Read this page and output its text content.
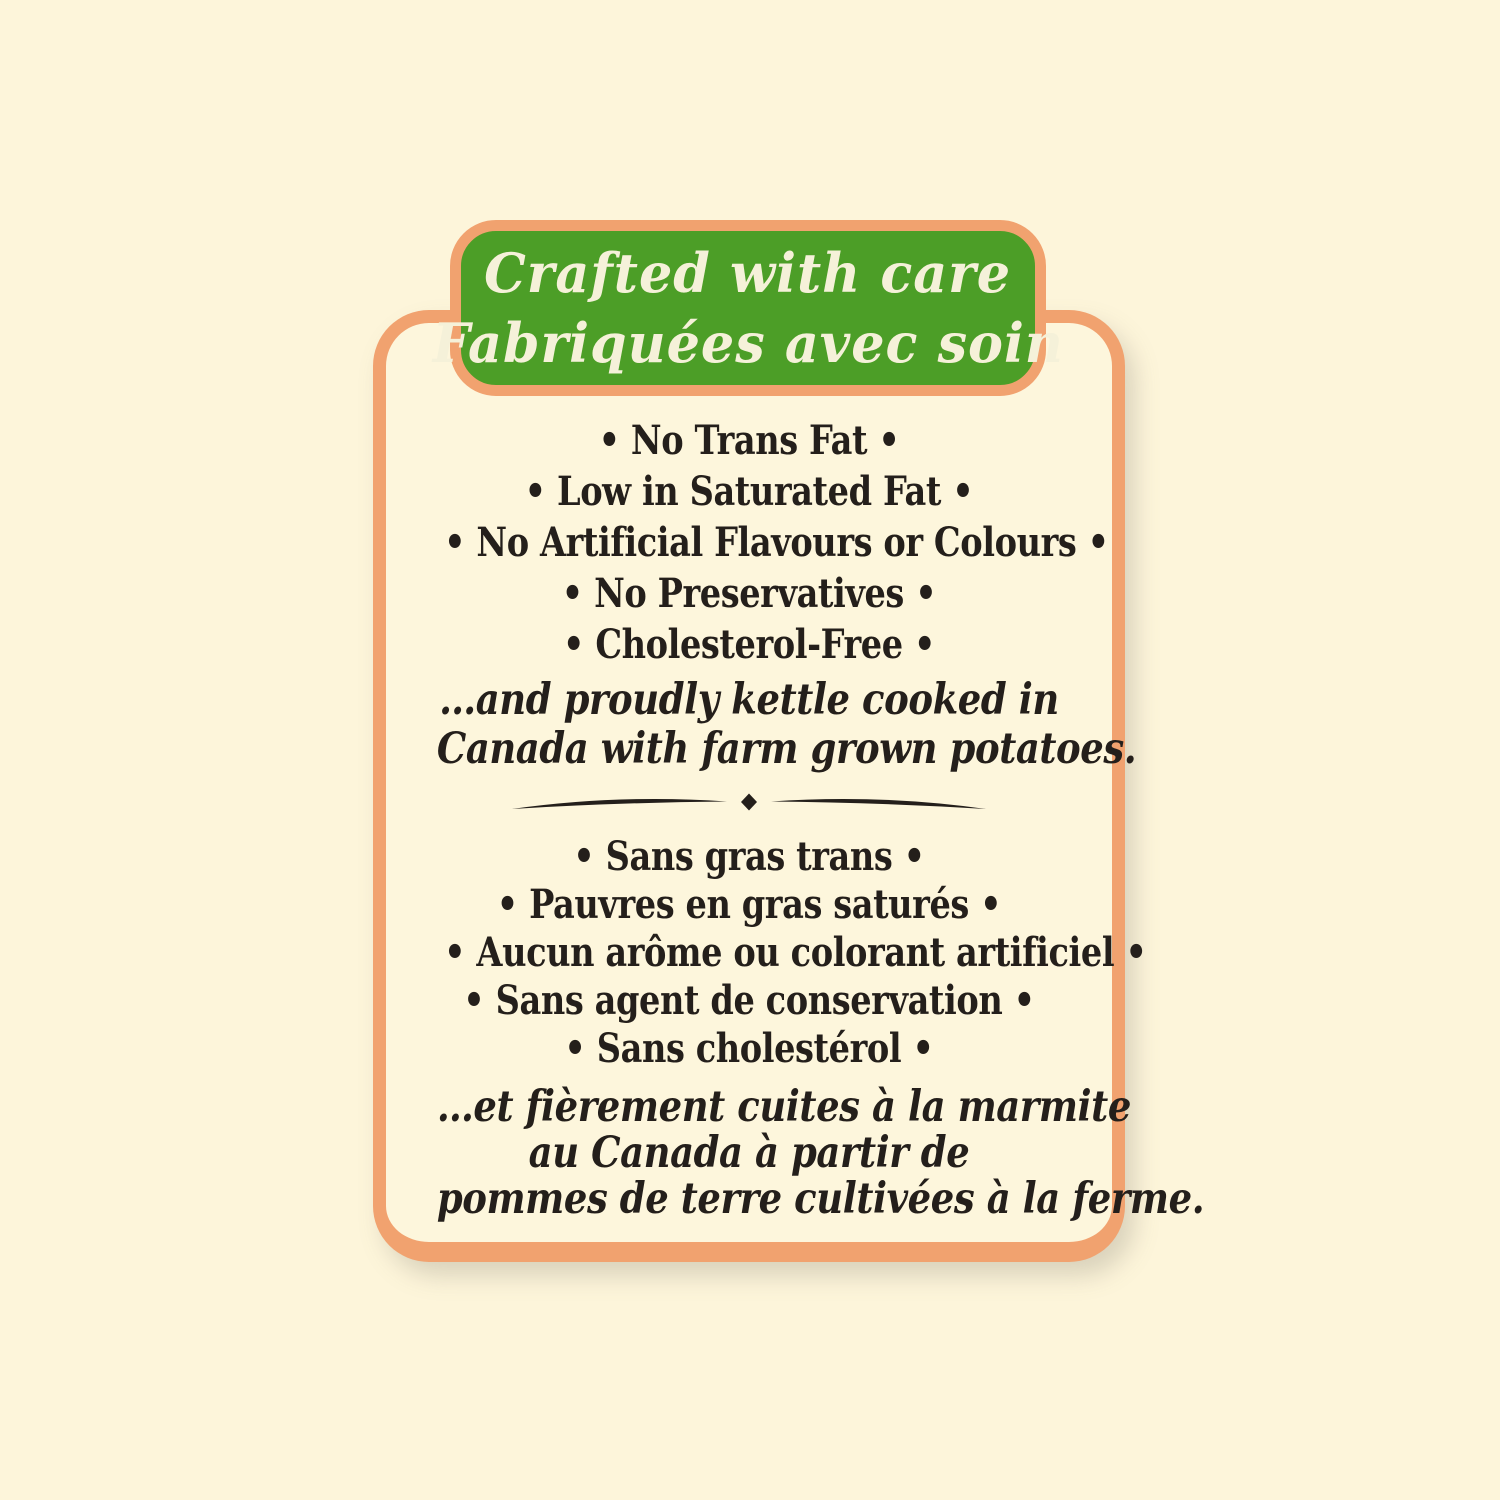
• No Trans Fat •
• Low in Saturated Fat •
• No Artificial Flavours or Colours •
• No Preservatives •
• Cholesterol-Free •
…and proudly kettle cooked in
Canada with farm grown potatoes.
• Sans gras trans •
• Pauvres en gras saturés •
• Aucun arôme ou colorant artificiel •
• Sans agent de conservation •
• Sans cholestérol •
…et fièrement cuites à la marmite
au Canada à partir de
pommes de terre cultivées à la ferme.
Crafted with care
Fabriquées avec soin
